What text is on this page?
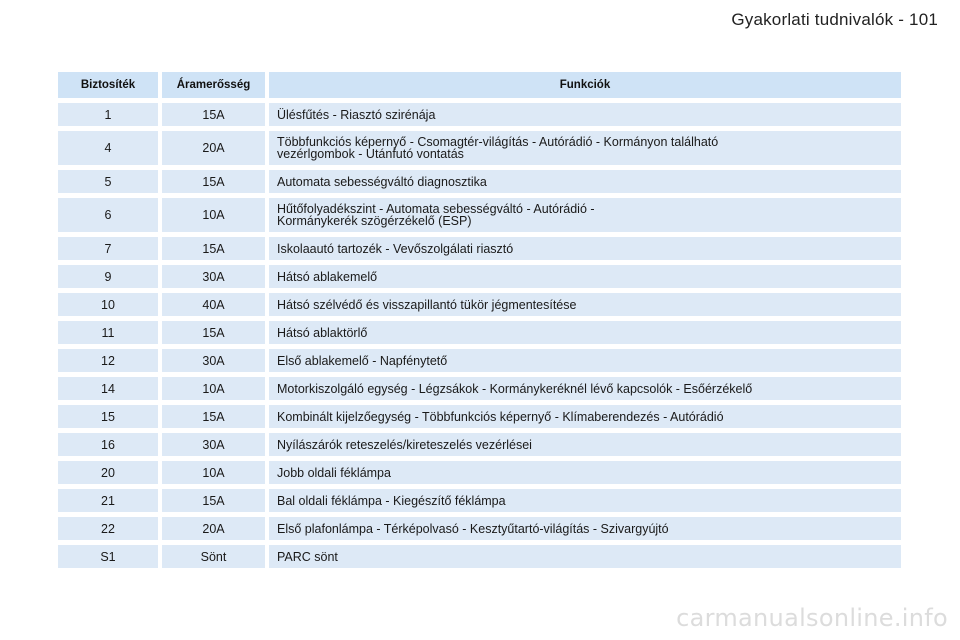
Gyakorlati tudnivalók - 101
Biztosíték	Áramerősség	Funkciók
1	15A	Ülésfűtés - Riasztó szirénája
4	20A	Többfunkciós képernyő - Csomagtér-világítás - Autórádió - Kormányon található
vezérlgombok - Utánfutó vontatás
5	15A	Automata sebességváltó diagnosztika
6	10A	Hűtőfolyadékszint - Automata sebességváltó - Autórádió -
Kormánykerék szögérzékelő (ESP)
7	15A	Iskolaautó tartozék - Vevőszolgálati riasztó
9	30A	Hátsó ablakemelő
10	40A	Hátsó szélvédő és visszapillantó tükör jégmentesítése
11	15A	Hátsó ablaktörlő
12	30A	Első ablakemelő - Napfénytető
14	10A	Motorkiszolgáló egység - Légzsákok - Kormánykeréknél lévő kapcsolók - Esőérzékelő
15	15A	Kombinált kijelzőegység - Többfunkciós képernyő - Klímaberendezés - Autórádió
16	30A	Nyílászárók reteszelés/kireteszelés vezérlései
20	10A	Jobb oldali féklámpa
21	15A	Bal oldali féklámpa - Kiegészítő féklámpa
22	20A	Első plafonlámpa - Térképolvasó - Kesztyűtartó-világítás - Szivargyújtó
S1	Sönt	PARC sönt
carmanualsonline.info
